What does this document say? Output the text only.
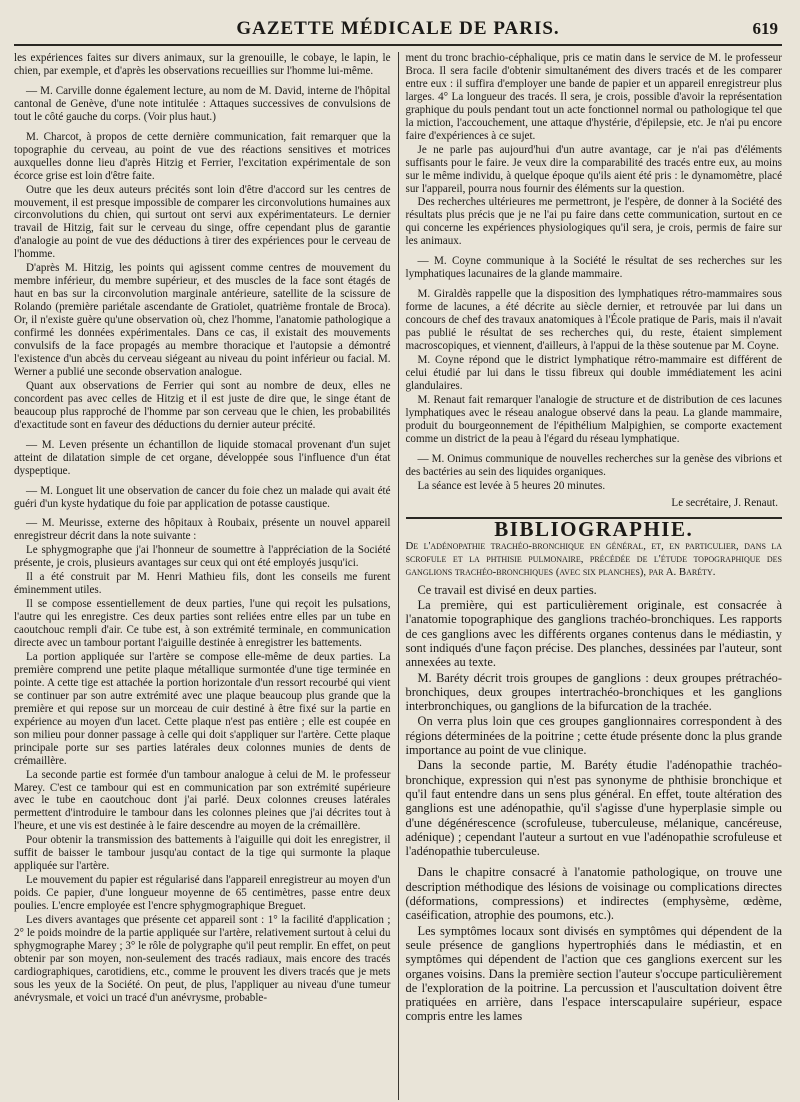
GAZETTE MÉDICALE DE PARIS.	619

les expériences faites sur divers animaux, sur la grenouille, le cobaye, le lapin, le chien, par exemple, et d'après les observations recueillies sur l'homme lui-même.

— M. Carville donne également lecture, au nom de M. David, interne de l'hôpital cantonal de Genève, d'une note intitulée : Attaques successives de convulsions de tout le côté gauche du corps. (Voir plus haut.)

M. Charcot, à propos de cette dernière communication, fait remarquer que la topographie du cerveau, au point de vue des réactions sensitives et motrices auxquelles donne lieu d'après Hitzig et Ferrier, l'excitation expérimentale de son écorce grise est loin d'être faite.

Outre que les deux auteurs précités sont loin d'être d'accord sur les centres de mouvement, il est presque impossible de comparer les circonvolutions humaines aux circonvolutions du chien, qui surtout ont servi aux expérimentateurs. Le dernier travail de Hitzig, fait sur le cerveau du singe, offre cependant plus de garantie d'analogie au point de vue des déductions à tirer des expériences pour le cerveau de l'homme.

D'après M. Hitzig, les points qui agissent comme centres de mouvement du membre inférieur, du membre supérieur, et des muscles de la face sont étagés de haut en bas sur la circonvolution marginale antérieure, satellite de la scissure de Rolando (première pariétale ascendante de Gratiolet, quatrième frontale de Broca). Or, il n'existe guère qu'une observation où, chez l'homme, l'anatomie pathologique a confirmé les données expérimentales. Dans ce cas, il existait des mouvements convulsifs de la face propagés au membre thoracique et l'autopsie a démontré l'existence d'un abcès du cerveau siégeant au niveau du point inférieur ou facial. M. Werner a publié une seconde observation analogue.

Quant aux observations de Ferrier qui sont au nombre de deux, elles ne concordent pas avec celles de Hitzig et il est juste de dire que, le singe étant de beaucoup plus rapproché de l'homme par son cerveau que le chien, les probabilités d'exactitude sont en faveur des déductions du dernier auteur précité.

— M. Leven présente un échantillon de liquide stomacal provenant d'un sujet atteint de dilatation simple de cet organe, développée sous l'influence d'un état dyspeptique.

— M. Longuet lit une observation de cancer du foie chez un malade qui avait été guéri d'un kyste hydatique du foie par application de potasse caustique.

— M. Meurisse, externe des hôpitaux à Roubaix, présente un nouvel appareil enregistreur décrit dans la note suivante :

Le sphygmographe que j'ai l'honneur de soumettre à l'appréciation de la Société présente, je crois, plusieurs avantages sur ceux qui ont été employés jusqu'ici.

Il a été construit par M. Henri Mathieu fils, dont les conseils me furent éminemment utiles.

Il se compose essentiellement de deux parties, l'une qui reçoit les pulsations, l'autre qui les enregistre. Ces deux parties sont reliées entre elles par un tube en caoutchouc rempli d'air. Ce tube est, à son extrémité terminale, en communication directe avec un tambour portant l'aiguille destinée à enregistrer les battements.

La portion appliquée sur l'artère se compose elle-même de deux parties. La première comprend une petite plaque métallique surmontée d'une tige terminée en pointe. A cette tige est attachée la portion horizontale d'un ressort recourbé qui vient se continuer par son autre extrémité avec une plaque beaucoup plus grande que la première et qui repose sur un morceau de cuir destiné à être fixé sur la partie en expérience au moyen d'un lacet. Cette plaque n'est pas entière ; elle est coupée en son milieu pour donner passage à celle qui doit s'appliquer sur l'artère. Cette plaque principale porte sur ses parties latérales deux colonnes munies de dents de crémaillère.

La seconde partie est formée d'un tambour analogue à celui de M. le professeur Marey. C'est ce tambour qui est en communication par son extrémité supérieure avec le tube en caoutchouc dont j'ai parlé. Deux colonnes creuses latérales permettent d'introduire le tambour dans les colonnes pleines que j'ai décrites tout à l'heure, et une vis est destinée à le faire descendre au moyen de la crémaillère.

Pour obtenir la transmission des battements à l'aiguille qui doit les enregistrer, il suffit de baisser le tambour jusqu'au contact de la tige qui surmonte la plaque appliquée sur l'artère.

Le mouvement du papier est régularisé dans l'appareil enregistreur au moyen d'un poids. Ce papier, d'une longueur moyenne de 65 centimètres, passe entre deux poulies. L'encre employée est l'encre sphygmographique Breguet.

Les divers avantages que présente cet appareil sont : 1° la facilité d'application ; 2° le poids moindre de la partie appliquée sur l'artère, relativement surtout à celui du sphygmographe Marey ; 3° le rôle de polygraphe qu'il peut remplir. En effet, on peut obtenir par son moyen, non-seulement des tracés radiaux, mais encore des tracés cardiographiques, carotidiens, etc., comme le prouvent les divers tracés que je mets sous les yeux de la Société. On peut, de plus, l'appliquer au niveau d'une tumeur anévrysmale, et voici un tracé d'un anévrysme, probable-

ment du tronc brachio-céphalique, pris ce matin dans le service de M. le professeur Broca. Il sera facile d'obtenir simultanément des divers tracés et de les comparer entre eux : il suffira d'employer une bande de papier et un appareil enregistreur plus larges. 4° La longueur des tracés. Il sera, je crois, possible d'avoir la représentation graphique du pouls pendant tout un acte fonctionnel normal ou pathologique tel que la miction, l'accouchement, une attaque d'hystérie, d'épilepsie, etc. Je n'ai pu encore faire d'expériences à ce sujet.

Je ne parle pas aujourd'hui d'un autre avantage, car je n'ai pas d'éléments suffisants pour le faire. Je veux dire la comparabilité des tracés entre eux, au moins sur le même individu, à quelque époque qu'ils aient été pris : le dynamomètre, placé sur l'appareil, pourra nous fournir des éléments sur la question.

Des recherches ultérieures me permettront, je l'espère, de donner à la Société des résultats plus précis que je ne l'ai pu faire dans cette communication, surtout en ce qui concerne les expériences physiologiques qu'il sera, je crois, permis de faire sur les animaux.

— M. Coyne communique à la Société le résultat de ses recherches sur les lymphatiques lacunaires de la glande mammaire.

M. Giraldès rappelle que la disposition des lymphatiques rétro-mammaires sous forme de lacunes, a été décrite au siècle dernier, et retrouvée par lui dans un concours de chef des travaux anatomiques à l'École pratique de Paris, mais il n'avait pas publié le résultat de ses recherches qui, du reste, étaient simplement macroscopiques, et viennent, d'ailleurs, à l'appui de la thèse soutenue par M. Coyne.

M. Coyne répond que le district lymphatique rétro-mammaire est différent de celui étudié par lui dans le tissu fibreux qui double immédiatement les acini glandulaires.

M. Renaut fait remarquer l'analogie de structure et de distribution de ces lacunes lymphatiques avec le réseau analogue observé dans la peau. La glande mammaire, produit du bourgeonnement de l'épithélium Malpighien, se comporte exactement comme un district de la peau à l'égard du réseau lymphatique.

— M. Onimus communique de nouvelles recherches sur la genèse des vibrions et des bactéries au sein des liquides organiques.

La séance est levée à 5 heures 20 minutes.

Le secrétaire, J. Renaut.
BIBLIOGRAPHIE.

De l'adénopathie trachéo-bronchique en général, et, en particulier, dans la scrofule et la phthisie pulmonaire, précédée de l'étude topographique des ganglions trachéo-bronchiques (avec six planches), par A. Baréty.

Ce travail est divisé en deux parties.

La première, qui est particulièrement originale, est consacrée à l'anatomie topographique des ganglions trachéo-bronchiques. Les rapports de ces ganglions avec les différents organes contenus dans le médiastin, y sont indiqués d'une façon précise. Des planches, dessinées par l'auteur, sont annexées au texte.

M. Baréty décrit trois groupes de ganglions : deux groupes prétrachéo-bronchiques, deux groupes intertrachéo-bronchiques et les ganglions interbronchiques, ou ganglions de la bifurcation de la trachée.

On verra plus loin que ces groupes ganglionnaires correspondent à des régions déterminées de la poitrine ; cette étude présente donc la plus grande importance au point de vue clinique.

Dans la seconde partie, M. Baréty étudie l'adénopathie trachéo-bronchique, expression qui n'est pas synonyme de phthisie bronchique et qu'il faut entendre dans un sens plus général. En effet, toute altération des ganglions est une adénopathie, qu'il s'agisse d'une hyperplasie simple ou d'une dégénérescence (scrofuleuse, tuberculeuse, mélanique, cancéreuse, adénique) ; cependant l'auteur a surtout en vue l'adénopathie scrofuleuse et l'adénopathie tuberculeuse.

Dans le chapitre consacré à l'anatomie pathologique, on trouve une description méthodique des lésions de voisinage ou complications directes (déformations, compressions) et indirectes (emphysème, œdème, caséification, atrophie des poumons, etc.).

Les symptômes locaux sont divisés en symptômes qui dépendent de la seule présence de ganglions hypertrophiés dans le médiastin, et en symptômes qui dépendent de l'action que ces ganglions exercent sur les organes voisins. Dans la première section l'auteur s'occupe particulièrement de l'exploration de la poitrine. La percussion et l'auscultation doivent être pratiquées en arrière, dans l'espace interscapulaire supérieur, espace compris entre les lames
